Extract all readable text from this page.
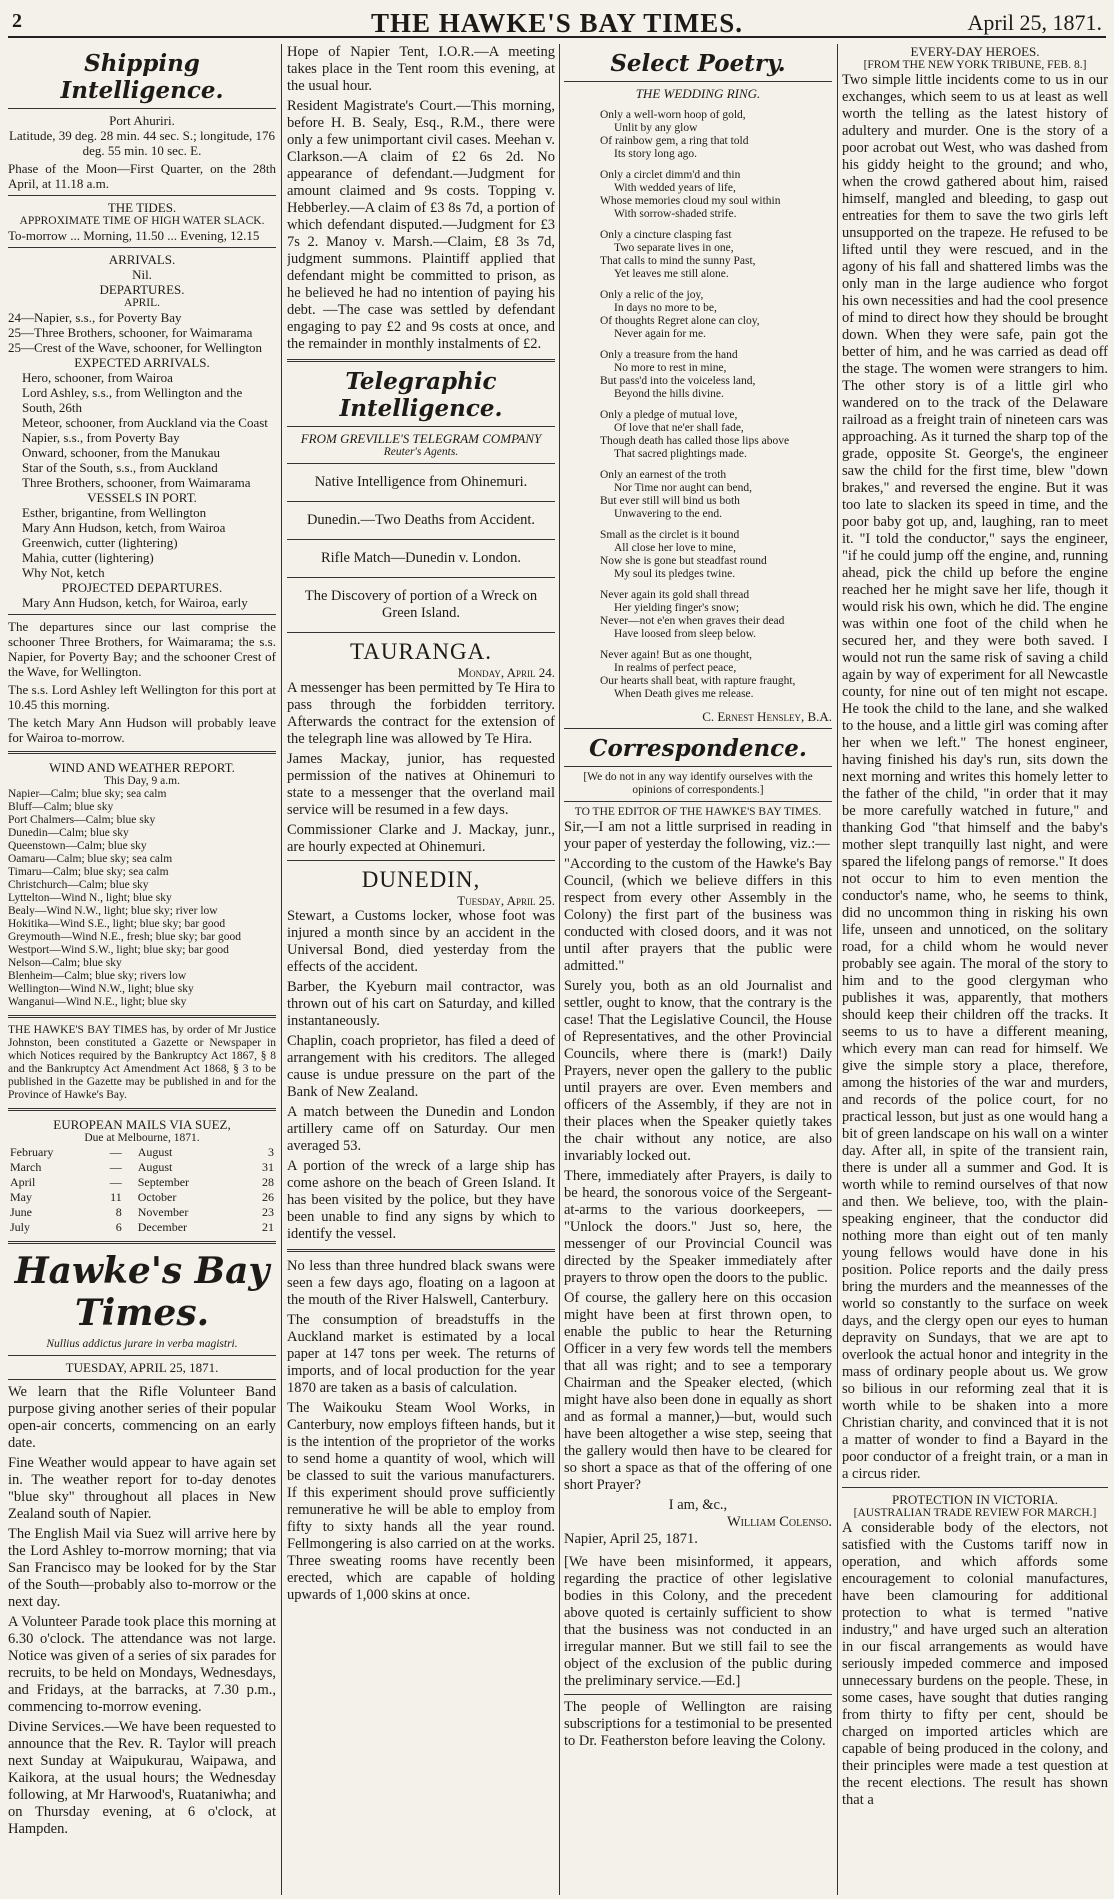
2	THE HAWKE'S BAY TIMES.	April 25, 1871.
Shipping Intelligence.
Port Ahuriri.

Latitude, 39 deg. 28 min. 44 sec. S.; longitude, 176 deg. 55 min. 10 sec. E.

Phase of the Moon—First Quarter, on the 28th April, at 11.18 a.m.

THE TIDES.
APPROXIMATE TIME OF HIGH WATER SLACK.
To-morrow ... Morning, 11.50 ... Evening, 12.15
ARRIVALS.
Nil.
DEPARTURES.
APRIL.
24—Napier, s.s., for Poverty Bay
25—Three Brothers, schooner, for Waimarama
25—Crest of the Wave, schooner, for Wellington
EXPECTED ARRIVALS.
Hero, schooner, from Wairoa
Lord Ashley, s.s., from Wellington and the South, 26th
Meteor, schooner, from Auckland via the Coast
Napier, s.s., from Poverty Bay
Onward, schooner, from the Manukau
Star of the South, s.s., from Auckland
Three Brothers, schooner, from Waimarama
VESSELS IN PORT.
Esther, brigantine, from Wellington
Mary Ann Hudson, ketch, from Wairoa
Greenwich, cutter (lightering)
Mahia, cutter (lightering)
Why Not, ketch
PROJECTED DEPARTURES.

Mary Ann Hudson, ketch, for Wairoa, early

The departures since our last comprise the schooner Three Brothers, for Waimarama; the s.s. Napier, for Poverty Bay; and the schooner Crest of the Wave, for Wellington.

The s.s. Lord Ashley left Wellington for this port at 10.45 this morning.

The ketch Mary Ann Hudson will probably leave for Wairoa to-morrow.

WIND AND WEATHER REPORT.
This Day, 9 a.m.
Napier—Calm; blue sky; sea calm
Bluff—Calm; blue sky
Port Chalmers—Calm; blue sky
Dunedin—Calm; blue sky
Queenstown—Calm; blue sky
Oamaru—Calm; blue sky; sea calm
Timaru—Calm; blue sky; sea calm
Christchurch—Calm; blue sky
Lyttelton—Wind N., light; blue sky
Bealy—Wind N.W., light; blue sky; river low
Hokitika—Wind S.E., light; blue sky; bar good
Greymouth—Wind N.E., fresh; blue sky; bar good
Westport—Wind S.W., light; blue sky; bar good
Nelson—Calm; blue sky
Blenheim—Calm; blue sky; rivers low
Wellington—Wind N.W., light; blue sky
Wanganui—Wind N.E., light; blue sky

THE HAWKE'S BAY TIMES has, by order of Mr Justice Johnston, been constituted a Gazette or Newspaper in which Notices required by the Bankruptcy Act 1867, § 8 and the Bankruptcy Act Amendment Act 1868, § 3 to be published in the Gazette may be published in and for the Province of Hawke's Bay.

EUROPEAN MAILS VIA SUEZ,
Due at Melbourne, 1871.
February	—	August	3
March	—	August	31
April	—	September	28
May	11	October	26
June	8	November	23
July	6	December	21
Hawke's Bay Times.
Nullius addictus jurare in verba magistri.
TUESDAY, APRIL 25, 1871.

We learn that the Rifle Volunteer Band purpose giving another series of their popular open-air concerts, commencing on an early date.

Fine Weather would appear to have again set in. The weather report for to-day denotes "blue sky" throughout all places in New Zealand south of Napier.

The English Mail via Suez will arrive here by the Lord Ashley to-morrow morning; that via San Francisco may be looked for by the Star of the South—probably also to-morrow or the next day.

A Volunteer Parade took place this morning at 6.30 o'clock. The attendance was not large. Notice was given of a series of six parades for recruits, to be held on Mondays, Wednesdays, and Fridays, at the barracks, at 7.30 p.m., commencing to-morrow evening.

Divine Services.—We have been requested to announce that the Rev. R. Taylor will preach next Sunday at Waipukurau, Waipawa, and Kaikora, at the usual hours; the Wednesday following, at Mr Harwood's, Ruataniwha; and on Thursday evening, at 6 o'clock, at Hampden.

Hope of Napier Tent, I.O.R.—A meeting takes place in the Tent room this evening, at the usual hour.

Resident Magistrate's Court.—This morning, before H. B. Sealy, Esq., R.M., there were only a few unimportant civil cases. Meehan v. Clarkson.—A claim of £2 6s 2d. No appearance of defendant.—Judgment for amount claimed and 9s costs. Topping v. Hebberley.—A claim of £3 8s 7d, a portion of which defendant disputed.—Judgment for £3 7s 2. Manoy v. Marsh.—Claim, £8 3s 7d, judgment summons. Plaintiff applied that defendant might be committed to prison, as he believed he had no intention of paying his debt. —The case was settled by defendant engaging to pay £2 and 9s costs at once, and the remainder in monthly instalments of £2.

Telegraphic Intelligence.
FROM GREVILLE'S TELEGRAM COMPANY
Reuter's Agents.
Native Intelligence from Ohinemuri.
Dunedin.—Two Deaths from Accident.
Rifle Match—Dunedin v. London.
The Discovery of portion of a Wreck on Green Island.
TAURANGA.
Monday, April 24.

A messenger has been permitted by Te Hira to pass through the forbidden territory. Afterwards the contract for the extension of the telegraph line was allowed by Te Hira.

James Mackay, junior, has requested permission of the natives at Ohinemuri to state to a messenger that the overland mail service will be resumed in a few days.

Commissioner Clarke and J. Mackay, junr., are hourly expected at Ohinemuri.

DUNEDIN,
Tuesday, April 25.

Stewart, a Customs locker, whose foot was injured a month since by an accident in the Universal Bond, died yesterday from the effects of the accident.

Barber, the Kyeburn mail contractor, was thrown out of his cart on Saturday, and killed instantaneously.

Chaplin, coach proprietor, has filed a deed of arrangement with his creditors. The alleged cause is undue pressure on the part of the Bank of New Zealand.

A match between the Dunedin and London artillery came off on Saturday. Our men averaged 53.

A portion of the wreck of a large ship has come ashore on the beach of Green Island. It has been visited by the police, but they have been unable to find any signs by which to identify the vessel.

No less than three hundred black swans were seen a few days ago, floating on a lagoon at the mouth of the River Halswell, Canterbury.

The consumption of breadstuffs in the Auckland market is estimated by a local paper at 147 tons per week. The returns of imports, and of local production for the year 1870 are taken as a basis of calculation.

The Waikouku Steam Wool Works, in Canterbury, now employs fifteen hands, but it is the intention of the proprietor of the works to send home a quantity of wool, which will be classed to suit the various manufacturers. If this experiment should prove sufficiently remunerative he will be able to employ from fifty to sixty hands all the year round. Fellmongering is also carried on at the works. Three sweating rooms have recently been erected, which are capable of holding upwards of 1,000 skins at once.

Select Poetry.
THE WEDDING RING.
Only a well-worn hoop of gold,
Unlit by any glow
Of rainbow gem, a ring that told
Its story long ago.
Only a circlet dimm'd and thin
With wedded years of life,
Whose memories cloud my soul within
With sorrow-shaded strife.
Only a cincture clasping fast
Two separate lives in one,
That calls to mind the sunny Past,
Yet leaves me still alone.
Only a relic of the joy,
In days no more to be,
Of thoughts Regret alone can cloy,
Never again for me.
Only a treasure from the hand
No more to rest in mine,
But pass'd into the voiceless land,
Beyond the hills divine.
Only a pledge of mutual love,
Of love that ne'er shall fade,
Though death has called those lips above
That sacred plightings made.
Only an earnest of the troth
Nor Time nor aught can bend,
But ever still will bind us both
Unwavering to the end.
Small as the circlet is it bound
All close her love to mine,
Now she is gone but steadfast round
My soul its pledges twine.
Never again its gold shall thread
Her yielding finger's snow;
Never—not e'en when graves their dead
Have loosed from sleep below.
Never again! But as one thought,
In realms of perfect peace,
Our hearts shall beat, with rapture fraught,
When Death gives me release.
C. Ernest Hensley, B.A.
Correspondence.
[We do not in any way identify ourselves with the opinions of correspondents.]
TO THE EDITOR OF THE HAWKE'S BAY TIMES.

Sir,—I am not a little surprised in reading in your paper of yesterday the following, viz.:—

"According to the custom of the Hawke's Bay Council, (which we believe differs in this respect from every other Assembly in the Colony) the first part of the business was conducted with closed doors, and it was not until after prayers that the public were admitted."

Surely you, both as an old Journalist and settler, ought to know, that the contrary is the case! That the Legislative Council, the House of Representatives, and the other Provincial Councils, where there is (mark!) Daily Prayers, never open the gallery to the public until prayers are over. Even members and officers of the Assembly, if they are not in their places when the Speaker quietly takes the chair without any notice, are also invariably locked out.

There, immediately after Prayers, is daily to be heard, the sonorous voice of the Sergeant-at-arms to the various doorkeepers, — "Unlock the doors." Just so, here, the messenger of our Provincial Council was directed by the Speaker immediately after prayers to throw open the doors to the public.

Of course, the gallery here on this occasion might have been at first thrown open, to enable the public to hear the Returning Officer in a very few words tell the members that all was right; and to see a temporary Chairman and the Speaker elected, (which might have also been done in equally as short and as formal a manner,)—but, would such have been altogether a wise step, seeing that the gallery would then have to be cleared for so short a space as that of the offering of one short Prayer?

I am, &c.,
William Colenso.
Napier, April 25, 1871.

[We have been misinformed, it appears, regarding the practice of other legislative bodies in this Colony, and the precedent above quoted is certainly sufficient to show that the business was not conducted in an irregular manner. But we still fail to see the object of the exclusion of the public during the preliminary service.—Ed.]

The people of Wellington are raising subscriptions for a testimonial to be presented to Dr. Featherston before leaving the Colony.

EVERY-DAY HEROES.
[FROM THE NEW YORK TRIBUNE, FEB. 8.]

Two simple little incidents come to us in our exchanges, which seem to us at least as well worth the telling as the latest history of adultery and murder. One is the story of a poor acrobat out West, who was dashed from his giddy height to the ground; and who, when the crowd gathered about him, raised himself, mangled and bleeding, to gasp out entreaties for them to save the two girls left unsupported on the trapeze. He refused to be lifted until they were rescued, and in the agony of his fall and shattered limbs was the only man in the large audience who forgot his own necessities and had the cool presence of mind to direct how they should be brought down. When they were safe, pain got the better of him, and he was carried as dead off the stage. The women were strangers to him. The other story is of a little girl who wandered on to the track of the Delaware railroad as a freight train of nineteen cars was approaching. As it turned the sharp top of the grade, opposite St. George's, the engineer saw the child for the first time, blew "down brakes," and reversed the engine. But it was too late to slacken its speed in time, and the poor baby got up, and, laughing, ran to meet it. "I told the conductor," says the engineer, "if he could jump off the engine, and, running ahead, pick the child up before the engine reached her he might save her life, though it would risk his own, which he did. The engine was within one foot of the child when he secured her, and they were both saved. I would not run the same risk of saving a child again by way of experiment for all Newcastle county, for nine out of ten might not escape. He took the child to the lane, and she walked to the house, and a little girl was coming after her when we left." The honest engineer, having finished his day's run, sits down the next morning and writes this homely letter to the father of the child, "in order that it may be more carefully watched in future," and thanking God "that himself and the baby's mother slept tranquilly last night, and were spared the lifelong pangs of remorse." It does not occur to him to even mention the conductor's name, who, he seems to think, did no uncommon thing in risking his own life, unseen and unnoticed, on the solitary road, for a child whom he would never probably see again. The moral of the story to him and to the good clergyman who publishes it was, apparently, that mothers should keep their children off the tracks. It seems to us to have a different meaning, which every man can read for himself. We give the simple story a place, therefore, among the histories of the war and murders, and records of the police court, for no practical lesson, but just as one would hang a bit of green landscape on his wall on a winter day. After all, in spite of the transient rain, there is under all a summer and God. It is worth while to remind ourselves of that now and then. We believe, too, with the plain-speaking engineer, that the conductor did nothing more than eight out of ten manly young fellows would have done in his position. Police reports and the daily press bring the murders and the meannesses of the world so constantly to the surface on week days, and the clergy open our eyes to human depravity on Sundays, that we are apt to overlook the actual honor and integrity in the mass of ordinary people about us. We grow so bilious in our reforming zeal that it is worth while to be shaken into a more Christian charity, and convinced that it is not a matter of wonder to find a Bayard in the poor conductor of a freight train, or a man in a circus rider.

PROTECTION IN VICTORIA.
[AUSTRALIAN TRADE REVIEW FOR MARCH.]

A considerable body of the electors, not satisfied with the Customs tariff now in operation, and which affords some encouragement to colonial manufactures, have been clamouring for additional protection to what is termed "native industry," and have urged such an alteration in our fiscal arrangements as would have seriously impeded commerce and imposed unnecessary burdens on the people. These, in some cases, have sought that duties ranging from thirty to fifty per cent, should be charged on imported articles which are capable of being produced in the colony, and their principles were made a test question at the recent elections. The result has shown that a
